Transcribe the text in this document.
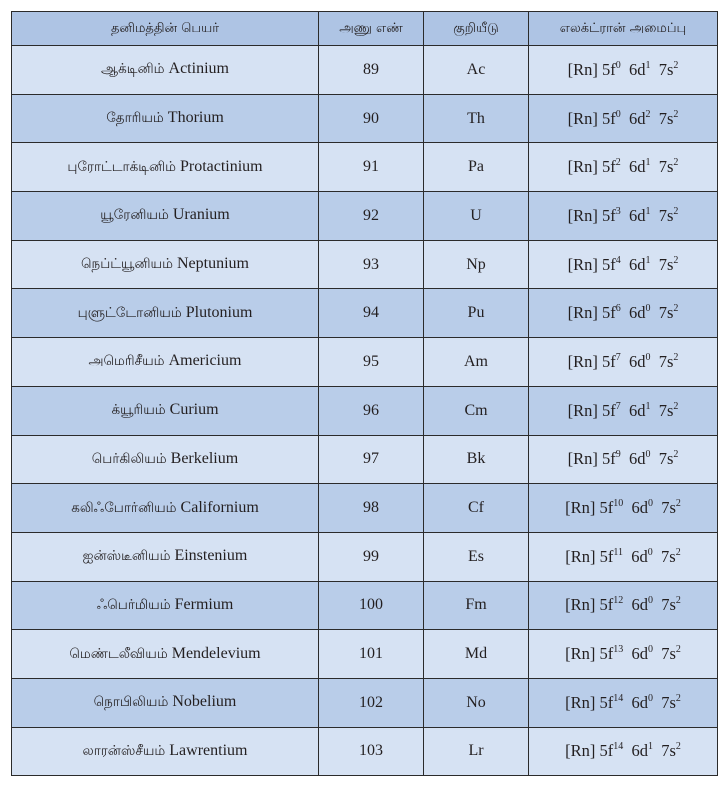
தனிமத்தின் பெயர்	அணு எண்	குறியீடு	எலக்ட்ரான் அமைப்பு
ஆக்டினிம் Actinium	89	Ac	[Rn] $5f^0$  $6d^1$  $7s^2$
தோரியம் Thorium	90	Th	[Rn] $5f^0$  $6d^2$  $7s^2$
புரோட்டாக்டினிம் Protactinium	91	Pa	[Rn] $5f^2$  $6d^1$  $7s^2$
யூரேனியம் Uranium	92	U	[Rn] $5f^3$  $6d^1$  $7s^2$
நெப்ட்யூனியம் Neptunium	93	Np	[Rn] $5f^4$  $6d^1$  $7s^2$
புளுட்டோனியம் Plutonium	94	Pu	[Rn] $5f^6$  $6d^0$  $7s^2$
அமெரிசீயம் Americium	95	Am	[Rn] $5f^7$  $6d^0$  $7s^2$
க்யூரியம் Curium	96	Cm	[Rn] $5f^7$  $6d^1$  $7s^2$
பெர்கிலியம் Berkelium	97	Bk	[Rn] $5f^9$  $6d^0$  $7s^2$
கலிஃபோர்னியம் Californium	98	Cf	[Rn] $5f^{10}$  $6d^0$  $7s^2$
ஐன்ஸ்டீனியம் Einstenium	99	Es	[Rn] $5f^{11}$  $6d^0$  $7s^2$
ஃபெர்மியம் Fermium	100	Fm	[Rn] $5f^{12}$  $6d^0$  $7s^2$
மெண்டலீவியம் Mendelevium	101	Md	[Rn] $5f^{13}$  $6d^0$  $7s^2$
நொபிலியம் Nobelium	102	No	[Rn] $5f^{14}$  $6d^0$  $7s^2$
லாரன்ஸ்சீயம் Lawrentium	103	Lr	[Rn] $5f^{14}$  $6d^1$  $7s^2$
